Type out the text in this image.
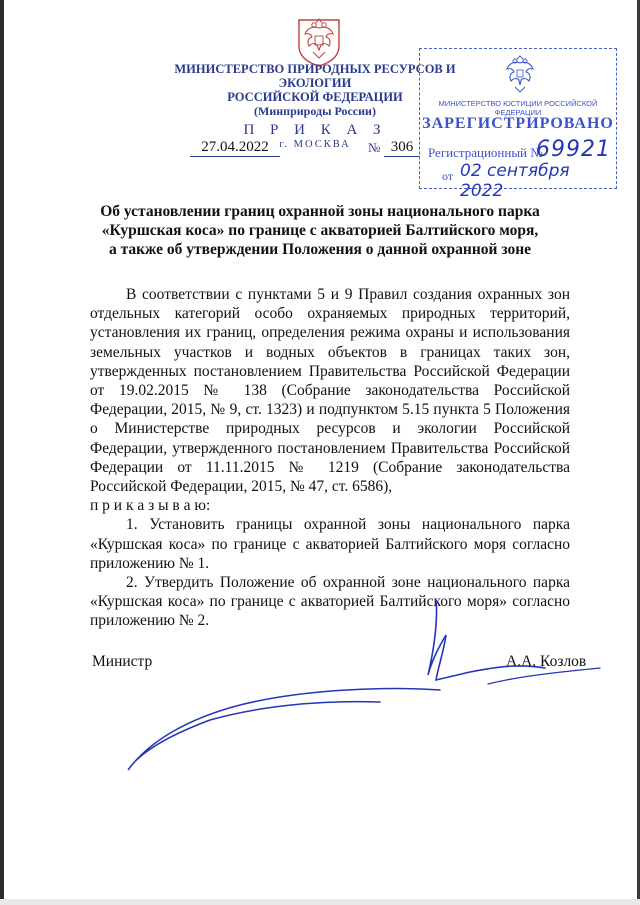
МИНИСТЕРСТВО ПРИРОДНЫХ РЕСУРСОВ И ЭКОЛОГИИ
РОССИЙСКОЙ ФЕДЕРАЦИИ
(Минприроды России)
П Р И К А З
г. МОСКВА
27.04.2022	№ 306
МИНИСТЕРСТВО ЮСТИЦИИ РОССИЙСКОЙ ФЕДЕРАЦИИ
ЗАРЕГИСТРИРОВАНО
Регистрационный №
69921
от 02 сентября 2022
Об установлении границ охранной зоны национального парка
«Куршская коса» по границе с акваторией Балтийского моря,
а также об утверждении Положения о данной охранной зоне

В соответствии с пунктами 5 и 9 Правил создания охранных зон отдельных категорий особо охраняемых природных территорий, установления их границ, определения режима охраны и использования земельных участков и водных объектов в границах таких зон, утвержденных постановлением Правительства Российской Федерации от 19.02.2015 № 138 (Собрание законодательства Российской Федерации, 2015, № 9, ст. 1323) и подпунктом 5.15 пункта 5 Положения о Министерстве природных ресурсов и экологии Российской Федерации, утвержденного постановлением Правительства Российской Федерации от 11.11.2015 № 1219 (Собрание законодательства Российской Федерации, 2015, № 47, ст. 6586),

п р и к а з ы в а ю:
1. Установить границы охранной зоны национального парка «Куршская коса» по границе с акваторией Балтийского моря согласно приложению № 1.
2. Утвердить Положение об охранной зоне национального парка «Куршская коса» по границе с акваторией Балтийского моря» согласно приложению № 2.
Министр	А.А. Козлов
